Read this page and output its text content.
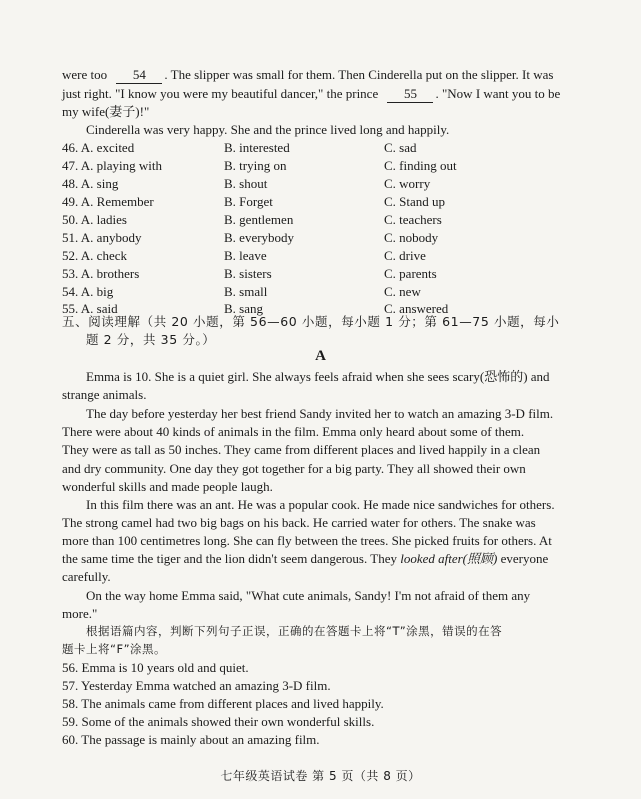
were too 54 . The slipper was small for them. Then Cinderella put on the slipper. It was
just right. "I know you were my beautiful dancer," the prince 55 . "Now I want you to be
my wife(妻子)!"
Cinderella was very happy. She and the prince lived long and happily.
46. A. excited	B. interested	C. sad
47. A. playing with	B. trying on	C. finding out
48. A. sing	B. shout	C. worry
49. A. Remember	B. Forget	C. Stand up
50. A. ladies	B. gentlemen	C. teachers
51. A. anybody	B. everybody	C. nobody
52. A. check	B. leave	C. drive
53. A. brothers	B. sisters	C. parents
54. A. big	B. small	C. new
55. A. said	B. sang	C. answered
五、阅读理解（共 20 小题，第 56—60 小题，每小题 1 分；第 61—75 小题，每小
题 2 分，共 35 分。）
A
Emma is 10. She is a quiet girl. She always feels afraid when she sees scary(恐怖的) and
strange animals.
The day before yesterday her best friend Sandy invited her to watch an amazing 3-D film.
There were about 40 kinds of animals in the film. Emma only heard about some of them.
They were as tall as 50 inches. They came from different places and lived happily in a clean
and dry community. One day they got together for a big party. They all showed their own
wonderful skills and made people laugh.
In this film there was an ant. He was a popular cook. He made nice sandwiches for others.
The strong camel had two big bags on his back. He carried water for others. The snake was
more than 100 centimetres long. She can fly between the trees. She picked fruits for others. At
the same time the tiger and the lion didn't seem dangerous. They looked after(照顾) everyone
carefully.
On the way home Emma said, "What cute animals, Sandy! I'm not afraid of them any
more."
根据语篇内容，判断下列句子正误，正确的在答题卡上将“T”涂黑，错误的在答
题卡上将“F”涂黑。
56. Emma is 10 years old and quiet.
57. Yesterday Emma watched an amazing 3-D film.
58. The animals came from different places and lived happily.
59. Some of the animals showed their own wonderful skills.
60. The passage is mainly about an amazing film.
七年级英语试卷 第 5 页（共 8 页）
